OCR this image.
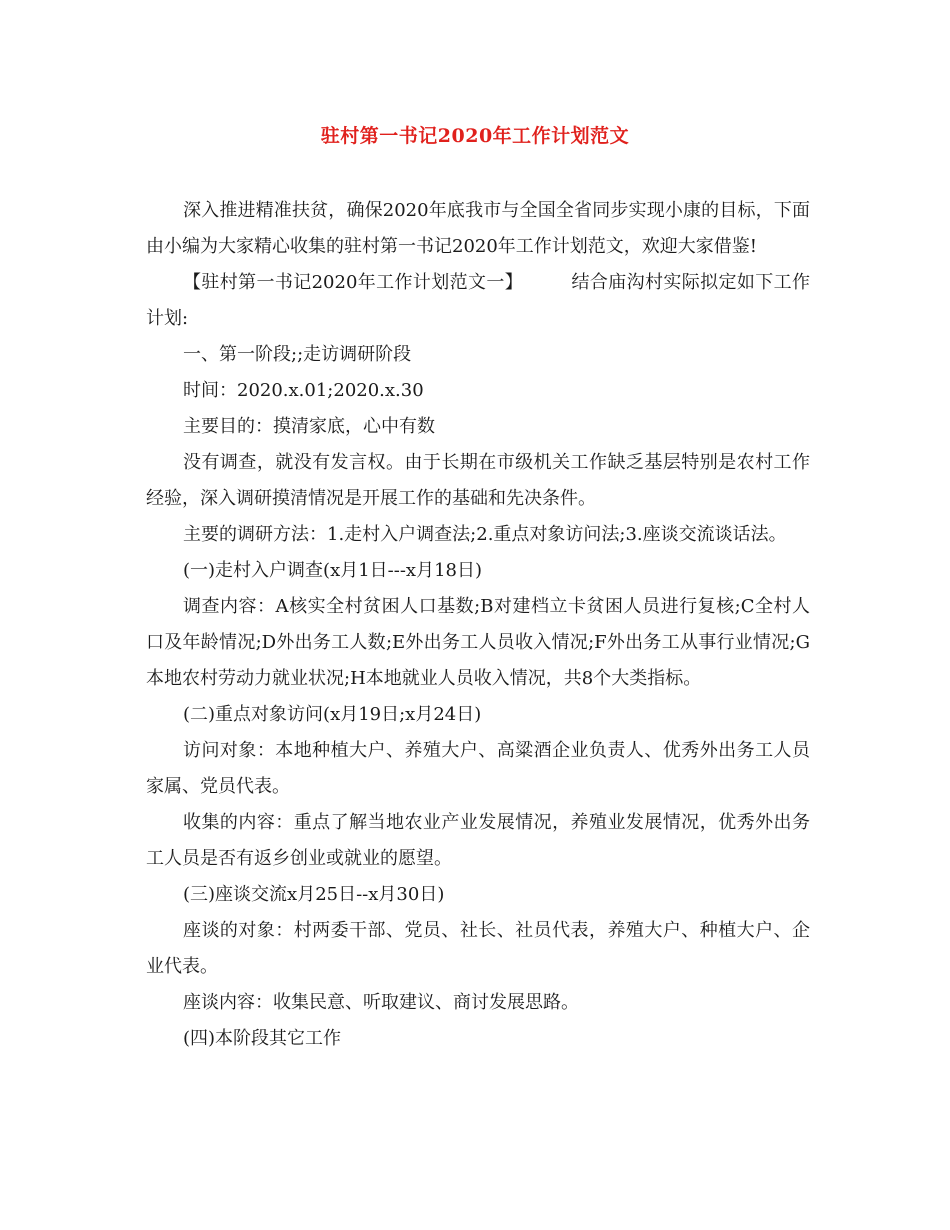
驻村第一书记2020年工作计划范文

深入推进精准扶贫，确保2020年底我市与全国全省同步实现小康的目标，下面由小编为大家精心收集的驻村第一书记2020年工作计划范文，欢迎大家借鉴!

【驻村第一书记2020年工作计划范文一】	结合庙沟村实际拟定如下工作计划:

一、第一阶段;;走访调研阶段

时间：2020.x.01;2020.x.30

主要目的：摸清家底，心中有数

没有调查，就没有发言权。由于长期在市级机关工作缺乏基层特别是农村工作经验，深入调研摸清情况是开展工作的基础和先决条件。

主要的调研方法：1.走村入户调查法;2.重点对象访问法;3.座谈交流谈话法。

(一)走村入户调查(x月1日---x月18日)

调查内容：A核实全村贫困人口基数;B对建档立卡贫困人员进行复核;C全村人口及年龄情况;D外出务工人数;E外出务工人员收入情况;F外出务工从事行业情况;G本地农村劳动力就业状况;H本地就业人员收入情况，共8个大类指标。

(二)重点对象访问(x月19日;x月24日)

访问对象：本地种植大户、养殖大户、高粱酒企业负责人、优秀外出务工人员家属、党员代表。

收集的内容：重点了解当地农业产业发展情况，养殖业发展情况，优秀外出务工人员是否有返乡创业或就业的愿望。

(三)座谈交流x月25日--x月30日)

座谈的对象：村两委干部、党员、社长、社员代表，养殖大户、种植大户、企业代表。

座谈内容：收集民意、听取建议、商讨发展思路。

(四)本阶段其它工作
